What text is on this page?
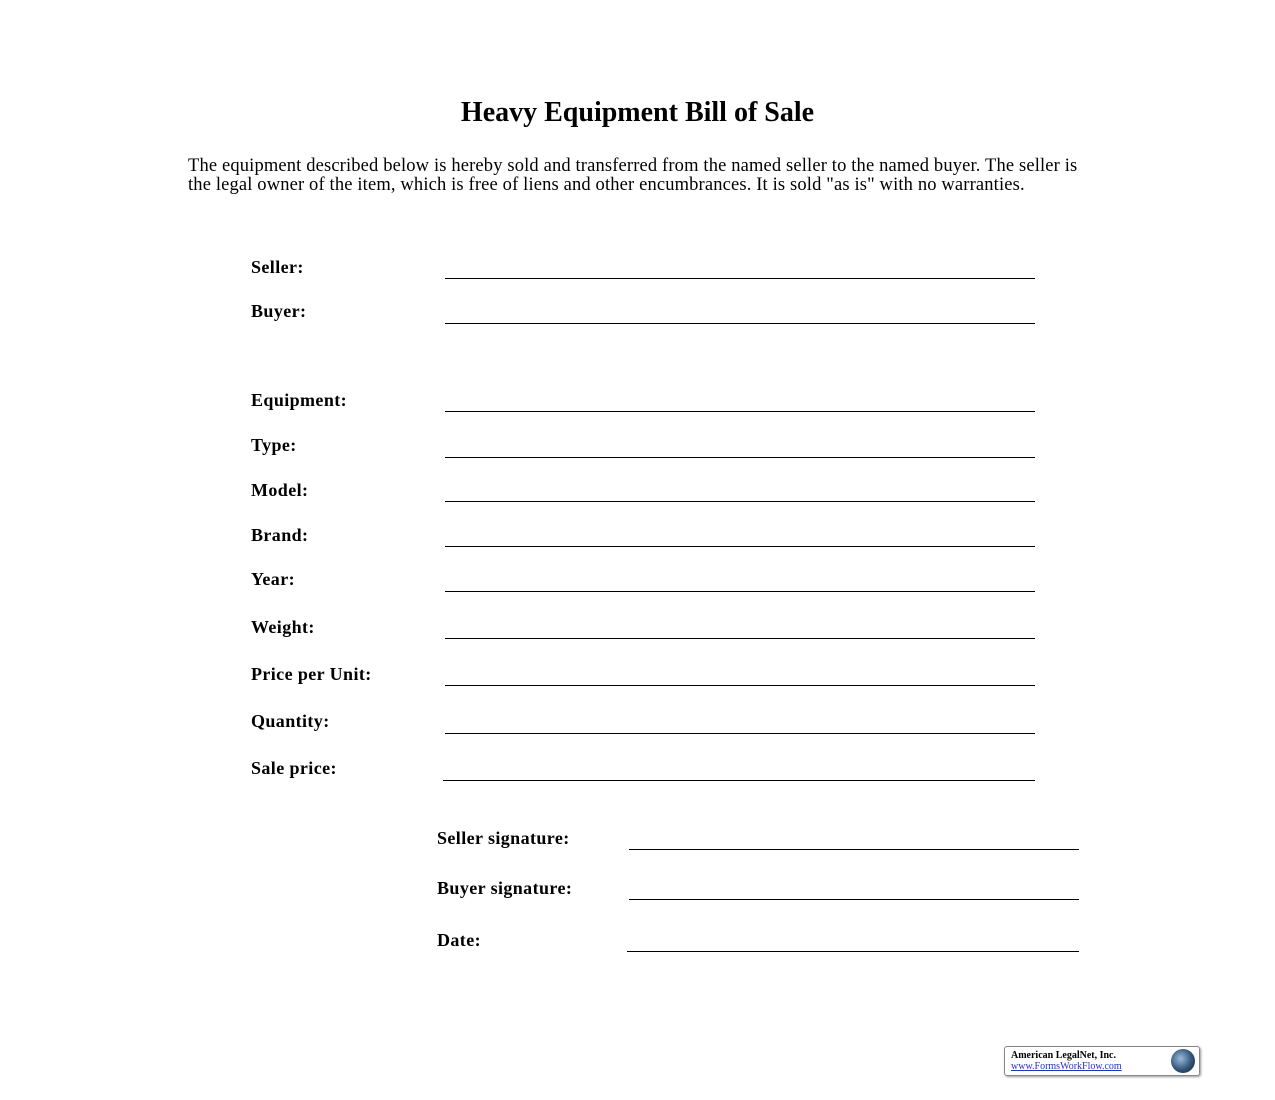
Heavy Equipment Bill of Sale
The equipment described below is hereby sold and transferred from the named seller to the named buyer. The seller is the legal owner of the item, which is free of liens and other encumbrances. It is sold "as is" with no warranties.
Seller:
Buyer:
Equipment:
Type:
Model:
Brand:
Year:
Weight:
Price per Unit:
Quantity:
Sale price:
Seller signature:
Buyer signature:
Date:
American LegalNet, Inc.
www.FormsWorkFlow.com
